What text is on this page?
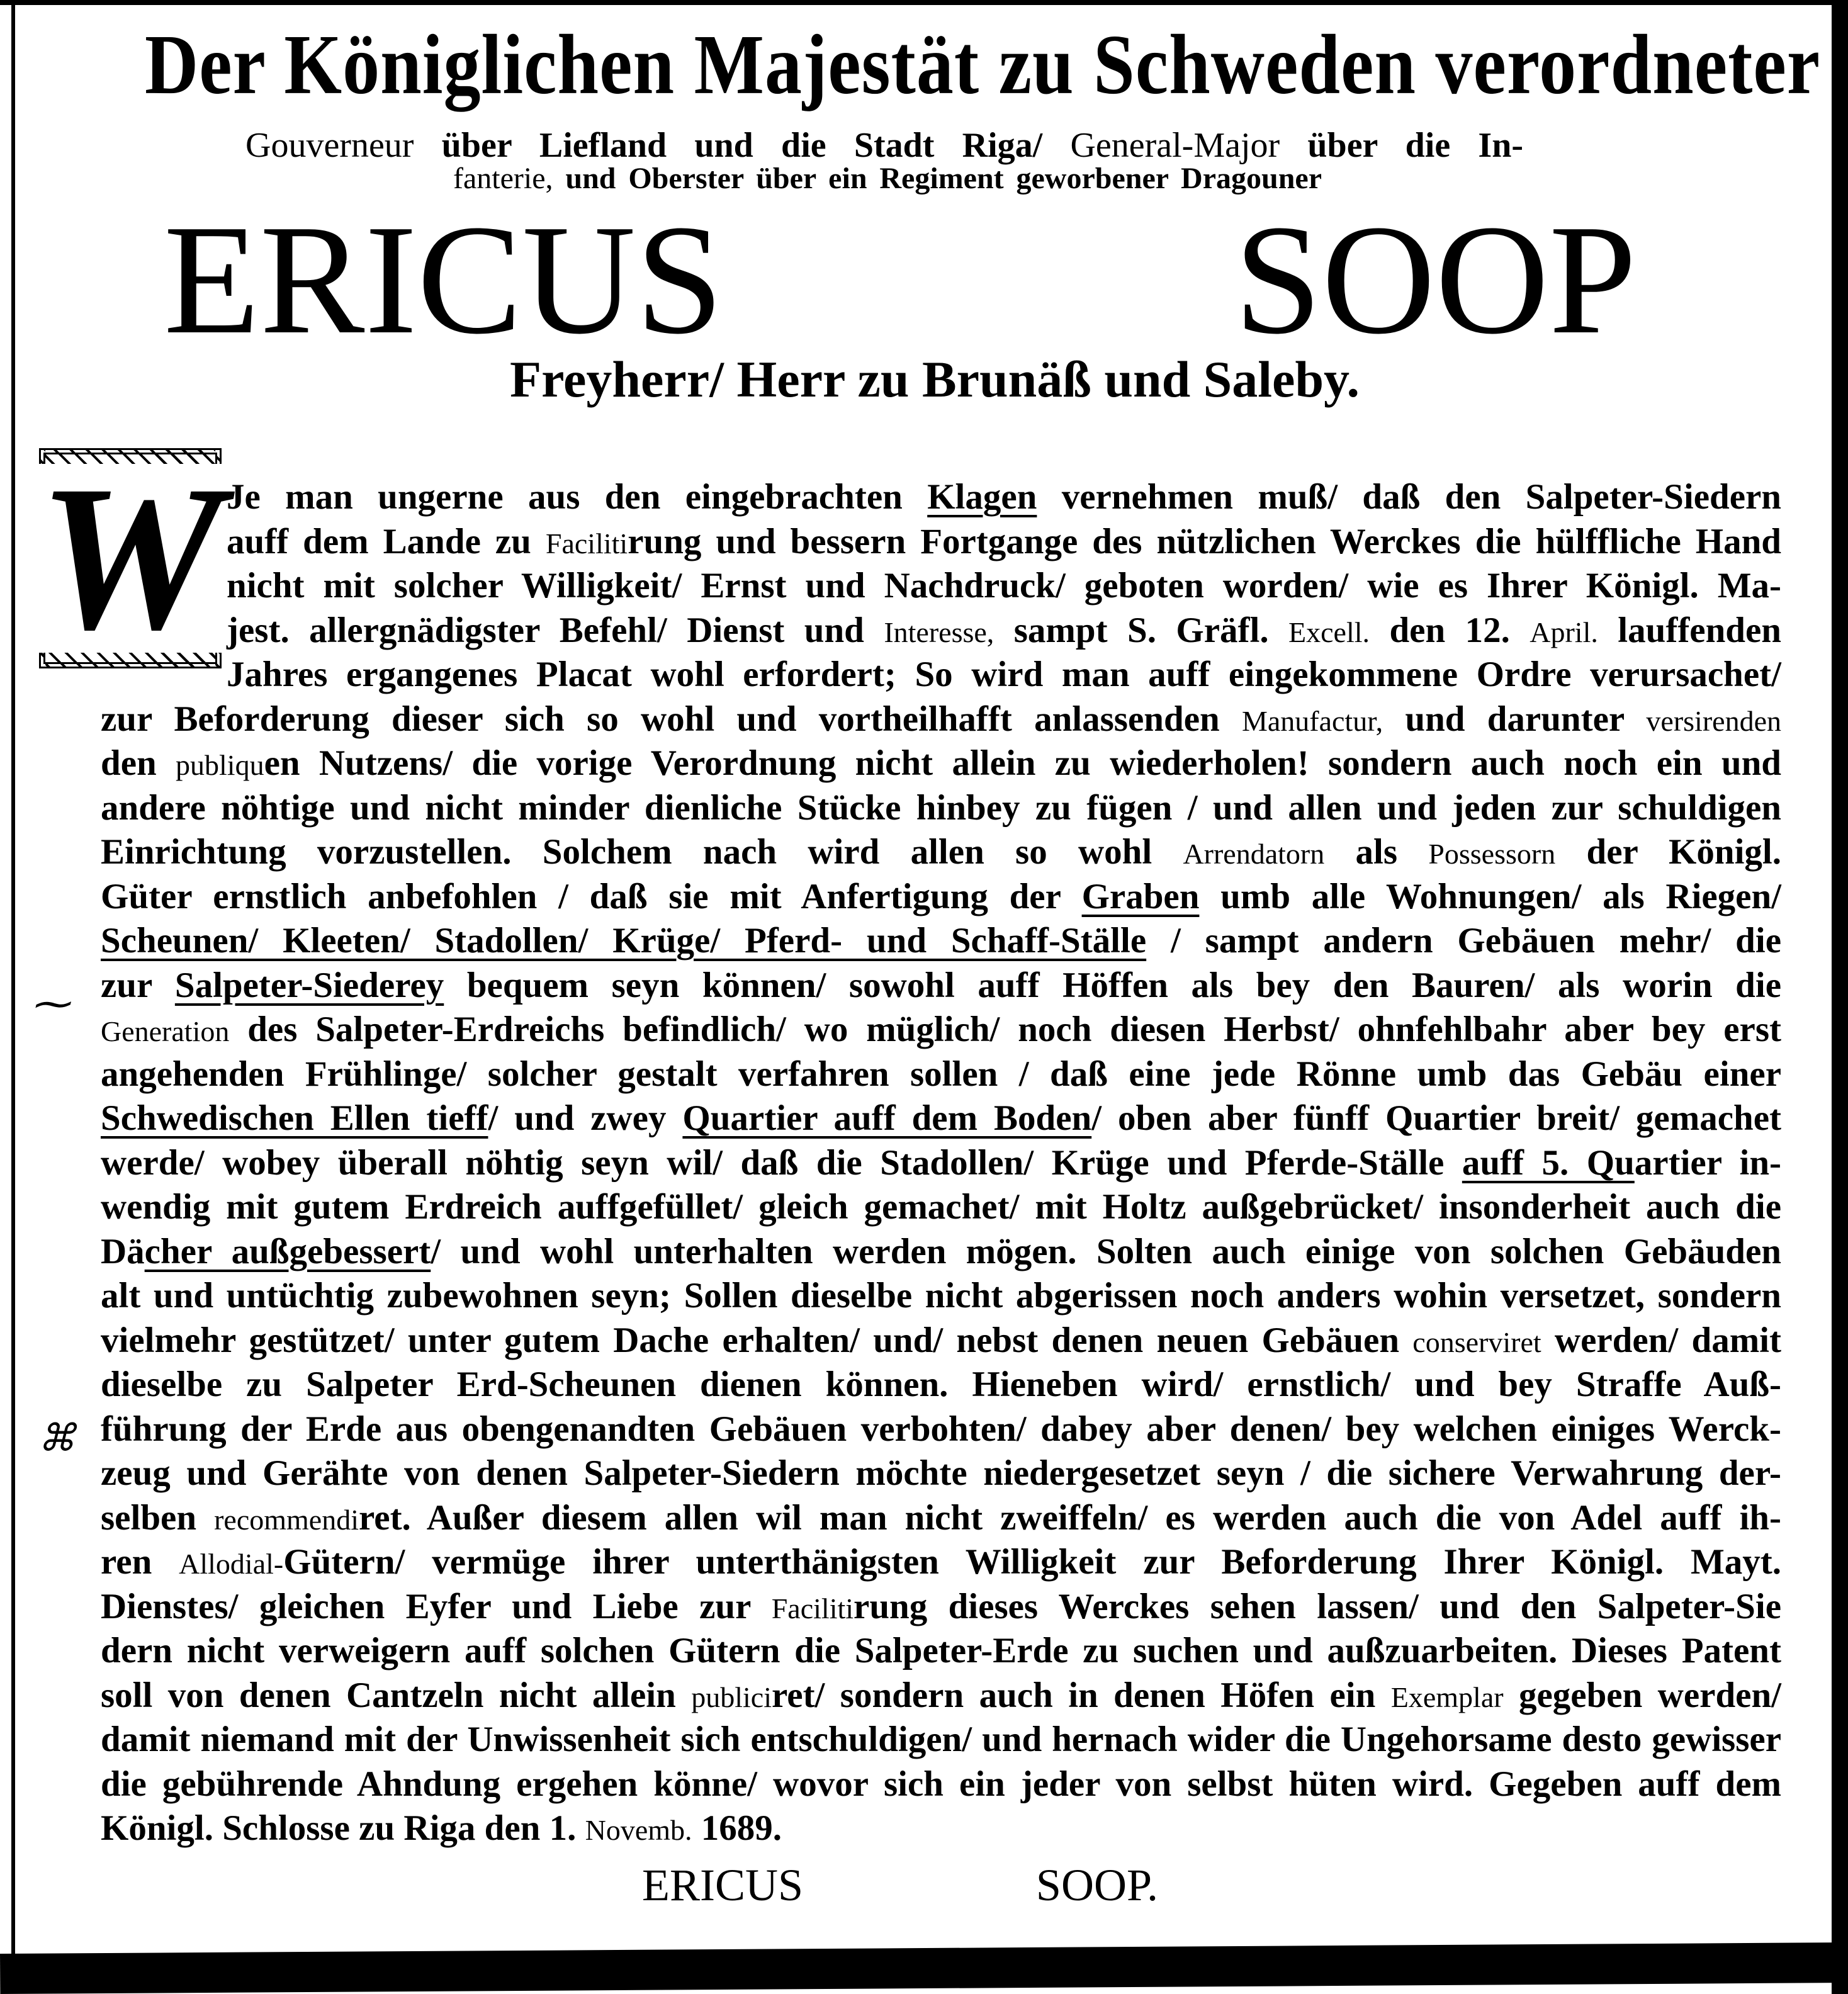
Der Königlichen Majestät zu Schweden verordneter
Gouverneur über Liefland und die Stadt Riga/ General-Major über die In-
fanterie, und Oberster über ein Regiment geworbener Dragouner
ERICUS SOOP
Freyherr/ Herr zu Brunäß und Saleby.
W
⁓
⌘
Je man ungerne aus den eingebrachten Klagen vernehmen muß/ daß den Salpeter-Siedern
auff dem Lande zu Facilitirung und bessern Fortgange des nützlichen Werckes die hülffliche Hand
nicht mit solcher Willigkeit/ Ernst und Nachdruck/ geboten worden/ wie es Ihrer Königl. Ma-
jest. allergnädigster Befehl/ Dienst und Interesse, sampt S. Gräfl. Excell. den 12. April. lauffenden
Jahres ergangenes Placat wohl erfordert; So wird man auff eingekommene Ordre verursachet/
zur Beforderung dieser sich so wohl und vortheilhafft anlassenden Manufactur, und darunter versirenden
den publiquen Nutzens/ die vorige Verordnung nicht allein zu wiederholen! sondern auch noch ein und
andere nöhtige und nicht minder dienliche Stücke hinbey zu fügen / und allen und jeden zur schuldigen
Einrichtung vorzustellen. Solchem nach wird allen so wohl Arrendatorn als Possessorn der Königl.
Güter ernstlich anbefohlen / daß sie mit Anfertigung der Graben umb alle Wohnungen/ als Riegen/
Scheunen/ Kleeten/ Stadollen/ Krüge/ Pferd- und Schaff-Ställe / sampt andern Gebäuen mehr/ die
zur Salpeter-Siederey bequem seyn können/ sowohl auff Höffen als bey den Bauren/ als worin die
Generation des Salpeter-Erdreichs befindlich/ wo müglich/ noch diesen Herbst/ ohnfehlbahr aber bey erst
angehenden Frühlinge/ solcher gestalt verfahren sollen / daß eine jede Rönne umb das Gebäu einer
Schwedischen Ellen tieff/ und zwey Quartier auff dem Boden/ oben aber fünff Quartier breit/ gemachet
werde/ wobey überall nöhtig seyn wil/ daß die Stadollen/ Krüge und Pferde-Ställe auff 5. Quartier in-
wendig mit gutem Erdreich auffgefüllet/ gleich gemachet/ mit Holtz außgebrücket/ insonderheit auch die
Dächer außgebessert/ und wohl unterhalten werden mögen. Solten auch einige von solchen Gebäuden
alt und untüchtig zubewohnen seyn; Sollen dieselbe nicht abgerissen noch anders wohin versetzet, sondern
vielmehr gestützet/ unter gutem Dache erhalten/ und/ nebst denen neuen Gebäuen conserviret werden/ damit
dieselbe zu Salpeter Erd-Scheunen dienen können. Hieneben wird/ ernstlich/ und bey Straffe Auß-
führung der Erde aus obengenandten Gebäuen verbohten/ dabey aber denen/ bey welchen einiges Werck-
zeug und Gerähte von denen Salpeter-Siedern möchte niedergesetzet seyn / die sichere Verwahrung der-
selben recommendiret. Außer diesem allen wil man nicht zweiffeln/ es werden auch die von Adel auff ih-
ren Allodial-Gütern/ vermüge ihrer unterthänigsten Willigkeit zur Beforderung Ihrer Königl. Mayt.
Dienstes/ gleichen Eyfer und Liebe zur Facilitirung dieses Werckes sehen lassen/ und den Salpeter-Sie
dern nicht verweigern auff solchen Gütern die Salpeter-Erde zu suchen und außzuarbeiten. Dieses Patent
soll von denen Cantzeln nicht allein publiciret/ sondern auch in denen Höfen ein Exemplar gegeben werden/
damit niemand mit der Unwissenheit sich entschuldigen/ und hernach wider die Ungehorsame desto gewisser
die gebührende Ahndung ergehen könne/ wovor sich ein jeder von selbst hüten wird. Gegeben auff dem
Königl. Schlosse zu Riga den 1. Novemb. 1689.
ERICUS SOOP.
